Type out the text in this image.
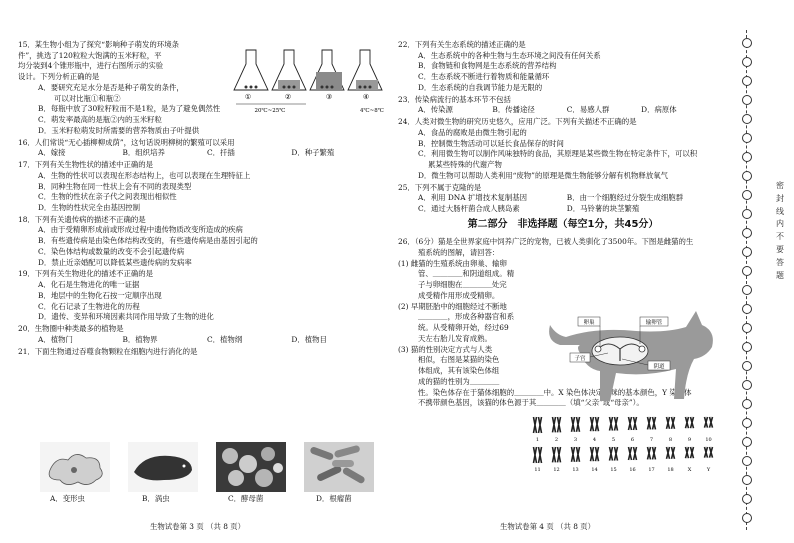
15．某生物小组为了探究“影响种子萌发的环境条
件”，挑选了120粒粒大饱满的玉米籽粒，平
均分装到4个锥形瓶中，进行右图所示的实验
设计。下列分析正确的是
A．要研究充足水分是否是种子萌发的条件，
可以对比瓶①和瓶②
B．每瓶中放了30粒籽粒而不是1粒，是为了避免偶然性
C．萌发率最高的是瓶②内的玉米籽粒
D．玉米籽粒萌发时所需要的营养物质由子叶提供
16．人们常说“无心插柳柳成荫”，这句话说明柳树的繁殖可以采用
A．嫁接	B．组织培养	C．扦插	D．种子繁殖
17．下列有关生物性状的描述中正确的是
A．生物的性状可以表现在形态结构上，也可以表现在生理特征上
B．同种生物在同一性状上会有不同的表现类型
C．生物的性状在亲子代之间表现出相似性
D．生物的性状完全由基因控制
18．下列有关遗传病的描述不正确的是
A．由于受精卵形成前或形成过程中遗传物质改变所造成的疾病
B．有些遗传病是由染色体结构改变的，有些遗传病是由基因引起的
C．染色体结构或数量的改变不会引起遗传病
D．禁止近亲婚配可以降低某些遗传病的发病率
19．下列有关生物进化的描述不正确的是
A．化石是生物进化的唯一证据
B．地层中的生物化石按一定顺序出现
C．化石记录了生物进化的历程
D．遗传、变异和环境因素共同作用导致了生物的进化
20．生物圈中种类最多的植物是
A．植物门	B．植物界	C．植物纲	D．植物目
21．下面生物通过吞噬食物颗粒在细胞内进行消化的是
①	②	③	④
20℃~25℃	4℃~8℃
A．变形虫	B．涡虫	C．酵母菌	D．根瘤菌
生物试卷第 3 页 （共 8 页）
22．下列有关生态系统的描述正确的是
A．生态系统中的各种生物与生态环境之间没有任何关系
B．食物链和食物网是生态系统的营养结构
C．生态系统不断进行着物质和能量循环
D．生态系统的自我调节能力是无限的
23．传染病流行的基本环节不包括
A．传染源	B．传播途径	C．易感人群	D．病原体
24．人类对微生物的研究历史悠久，应用广泛。下列有关描述不正确的是
A．食品的腐败是由微生物引起的
B．控制微生物活动可以延长食品保存的时间
C．利用微生物可以制作风味独特的食品，其原理是某些微生物在特定条件下，可以积
累某些特殊的代谢产物
D．微生物可以帮助人类利用“废物”的原理是微生物能够分解有机物释放氧气
25．下列不属于克隆的是
A．利用 DNA 扩增技术复制基因	B．由一个细胞经过分裂生成细胞群
C．通过大肠杆菌合成人胰岛素	D．马铃薯的块茎繁殖
第二部分　非选择题（每空1分，共45分）
26．（6分）猫是全世界家庭中饲养广泛的宠物，已被人类驯化了3500年。下图是雌猫的生
殖系统的图解，请回答：
(1) 雌猫的生殖系统由卵巢、输卵
管、＿＿＿＿和阴道组成。精
子与卵细胞在＿＿＿＿处完
成受精作用形成受精卵。
(2) 早期胚胎中的细胞经过不断地
＿＿＿＿，形成各种器官和系
统。从受精卵开始，经过69
天左右胎儿发育成熟。
(3) 猫的性别决定方式与人类
相似，右图是某猫的染色
体组成，其有该染色体组
成的猫的性别为＿＿＿＿
性。染色体存在于猫体细胞的＿＿＿＿中。X 染色体决定猫咪的基本颜色，Y 染色体
不携带颜色基因，该猫的体色源于其＿＿＿＿（填“父亲”或“母亲”）。
卵巢	输卵管
子宫
阴道
1	2	3	4	5	6	7	8	9	10
11	12	13	14	15	16	17	18	X	Y
生物试卷第 4 页 （共 8 页）
密
封
线
内
不
要
答
题
